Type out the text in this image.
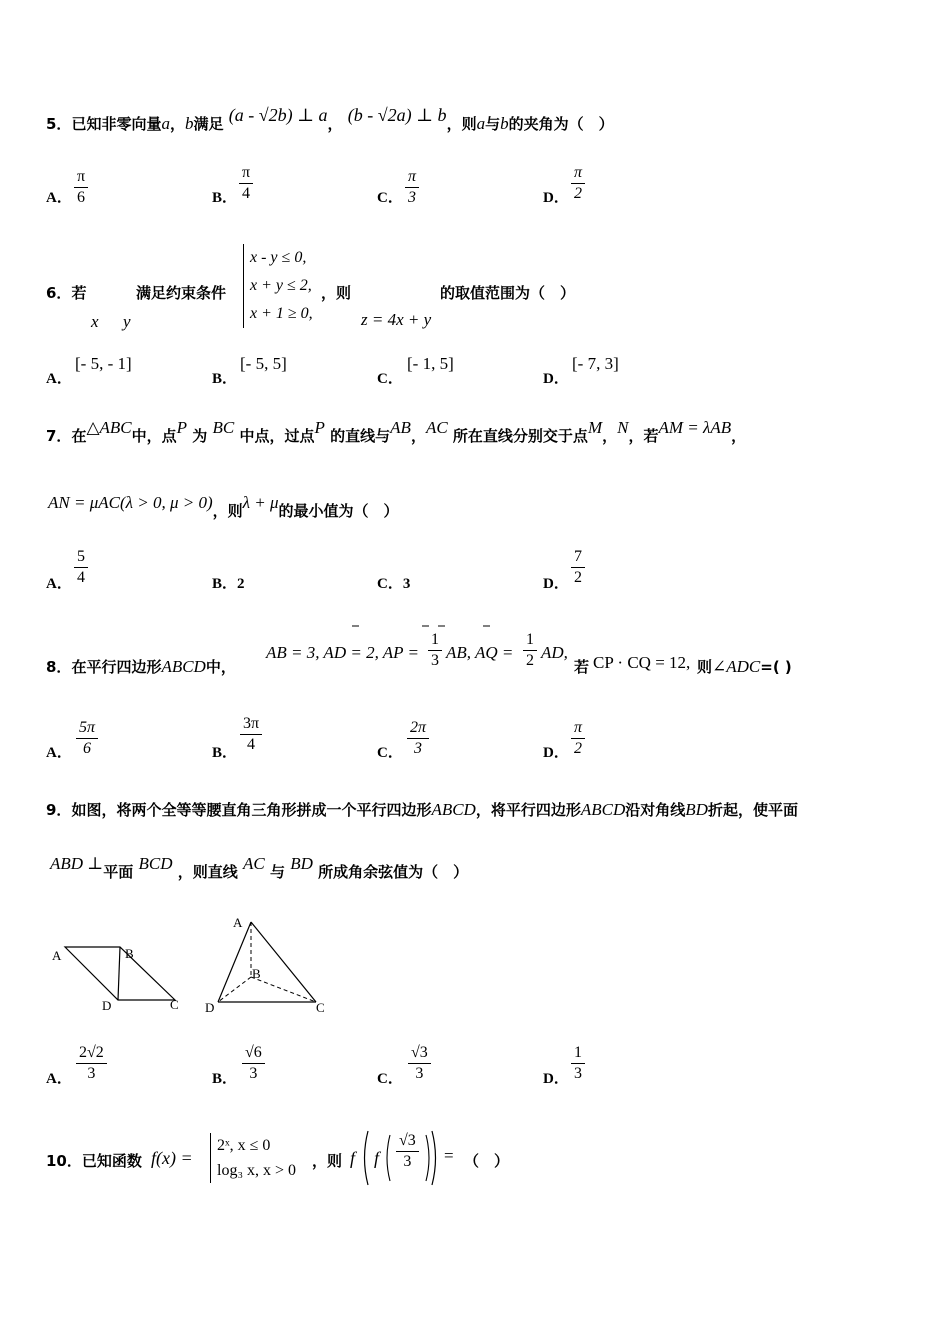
5．已知非零向量a，b满足 (a - √2b) ⊥ a， (b - √2a) ⊥ b，则a与b的夹角为（　）
A． $\frac{\pi}{6}$	B． $\frac{\pi}{4}$	C． $\frac{\pi}{3}$	D． $\frac{\pi}{2}$
6．若
x y
满足约束条件
x - y ≤ 0,
x + y ≤ 2,
x + 1 ≥ 0,
，则
z = 4x + y
的取值范围为（　）
A．
[- 5, - 1]
B．
[- 5, 5]
C．
[- 1, 5]
D．
[- 7, 3]
7．在△ABC中，点P 为 BC 中点，过点P 的直线与AB，AC 所在直线分别交于点M，N，若AM = λAB，
AN = μAC(λ > 0, μ > 0)，则λ + μ的最小值为（　）
A． $\frac{5}{4}$	B．2	C．3	D． $\frac{7}{2}$
8．在平行四边形ABCD中，
AB = 3, AD = 2, AP = $\frac{1}{3}$ AB, AQ = $\frac{1}{2}$ AD,
若 CP · CQ = 12, 则∠ADC=( )
A． $\frac{5\pi}{6}$	B． $\frac{3\pi}{4}$	C． $\frac{2\pi}{3}$	D． $\frac{\pi}{2}$
9．如图，将两个全等等腰直角三角形拼成一个平行四边形ABCD，将平行四边形ABCD沿对角线BD折起，使平面
ABD ⊥平面 BCD ，则直线 AC 与 BD 所成角余弦值为（　）
A	B
D	C
A
B
D	C
A． $\frac{2√2}{3}$	B． $\frac{√6}{3}$	C． $\frac{√3}{3}$	D． $\frac{1}{3}$
10．已知函数 f(x) =
2ˣ, x ≤ 0
log₃ x, x > 0
，则 f f $\frac{√3}{3}$ = （　）
